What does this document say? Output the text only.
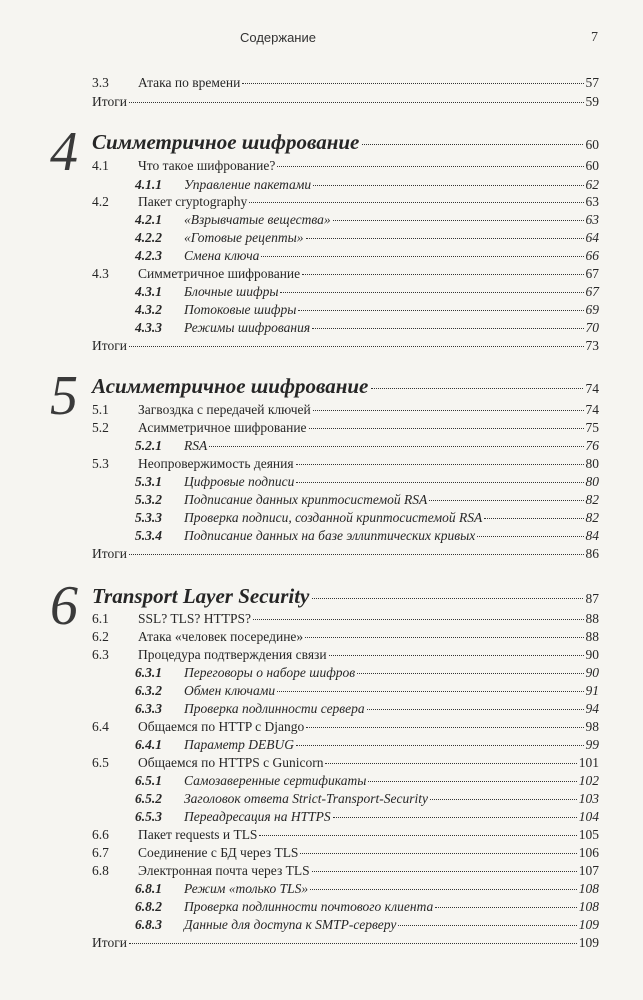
Содержание	7
3.3 Атака по времени	57
Итоги	59
4 Симметричное шифрование	60
4.1 Что такое шифрование?	60
4.1.1 Управление пакетами	62
4.2 Пакет cryptography	63
4.2.1 «Взрывчатые вещества»	63
4.2.2 «Готовые рецепты»	64
4.2.3 Смена ключа	66
4.3 Симметричное шифрование	67
4.3.1 Блочные шифры	67
4.3.2 Потоковые шифры	69
4.3.3 Режимы шифрования	70
Итоги	73
5 Асимметричное шифрование	74
5.1 Загвоздка с передачей ключей	74
5.2 Асимметричное шифрование	75
5.2.1 RSA	76
5.3 Неопровержимость деяния	80
5.3.1 Цифровые подписи	80
5.3.2 Подписание данных криптосистемой RSA	82
5.3.3 Проверка подписи, созданной криптосистемой RSA	82
5.3.4 Подписание данных на базе эллиптических кривых	84
Итоги	86
6 Transport Layer Security	87
6.1 SSL? TLS? HTTPS?	88
6.2 Атака «человек посередине»	88
6.3 Процедура подтверждения связи	90
6.3.1 Переговоры о наборе шифров	90
6.3.2 Обмен ключами	91
6.3.3 Проверка подлинности сервера	94
6.4 Общаемся по HTTP с Django	98
6.4.1 Параметр DEBUG	99
6.5 Общаемся по HTTPS с Gunicorn	101
6.5.1 Самозаверенные сертификаты	102
6.5.2 Заголовок ответа Strict-Transport-Security	103
6.5.3 Переадресация на HTTPS	104
6.6 Пакет requests и TLS	105
6.7 Соединение с БД через TLS	106
6.8 Электронная почта через TLS	107
6.8.1 Режим «только TLS»	108
6.8.2 Проверка подлинности почтового клиента	108
6.8.3 Данные для доступа к SMTP-серверу	109
Итоги	109
